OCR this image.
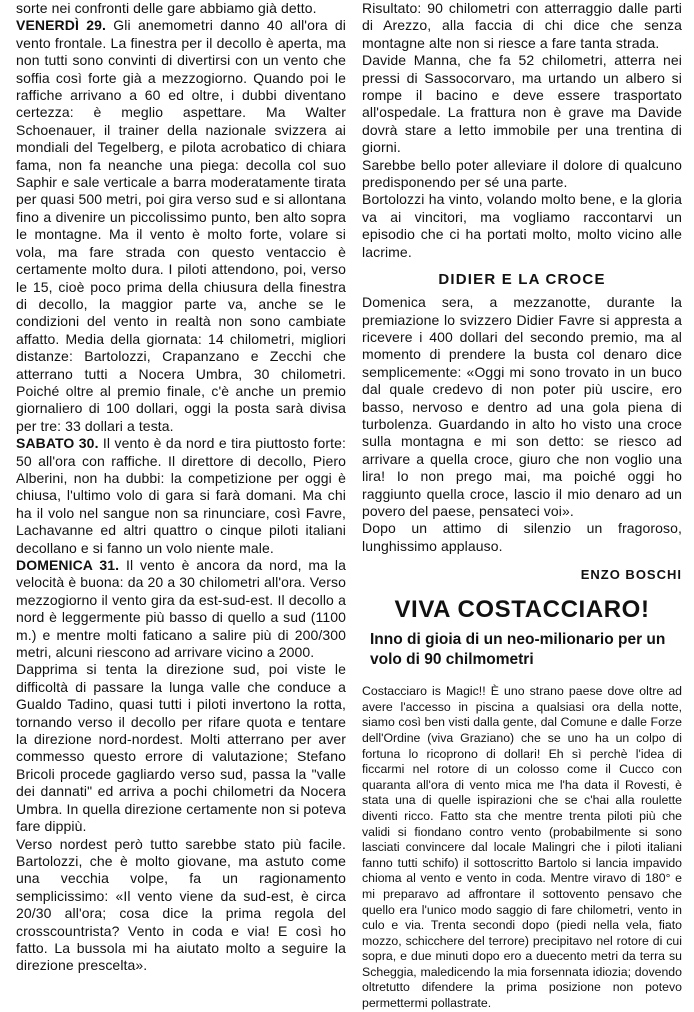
sorte nei confronti delle gare abbiamo già detto.

VENERDÌ 29. Gli anemometri danno 40 all'ora di vento frontale. La finestra per il decollo è aperta, ma non tutti sono convinti di divertirsi con un vento che soffia così forte già a mezzogiorno. Quando poi le raffiche arrivano a 60 ed oltre, i dubbi diventano certezza: è meglio aspettare. Ma Walter Schoenauer, il trainer della nazionale svizzera ai mondiali del Tegelberg, e pilota acrobatico di chiara fama, non fa neanche una piega: decolla col suo Saphir e sale verticale a barra moderatamente tirata per quasi 500 metri, poi gira verso sud e si allontana fino a divenire un piccolissimo punto, ben alto sopra le montagne. Ma il vento è molto forte, volare si vola, ma fare strada con questo ventaccio è certamente molto dura. I piloti attendono, poi, verso le 15, cioè poco prima della chiusura della finestra di decollo, la maggior parte va, anche se le condizioni del vento in realtà non sono cambiate affatto. Media della giornata: 14 chilometri, migliori distanze: Bartolozzi, Crapanzano e Zecchi che atterrano tutti a Nocera Umbra, 30 chilometri. Poiché oltre al premio finale, c'è anche un premio giornaliero di 100 dollari, oggi la posta sarà divisa per tre: 33 dollari a testa.

SABATO 30. Il vento è da nord e tira piuttosto forte: 50 all'ora con raffiche. Il direttore di decollo, Piero Alberini, non ha dubbi: la competizione per oggi è chiusa, l'ultimo volo di gara si farà domani. Ma chi ha il volo nel sangue non sa rinunciare, così Favre, Lachavanne ed altri quattro o cinque piloti italiani decollano e si fanno un volo niente male.

DOMENICA 31. Il vento è ancora da nord, ma la velocità è buona: da 20 a 30 chilometri all'ora. Verso mezzogiorno il vento gira da est-sud-est. Il decollo a nord è leggermente più basso di quello a sud (1100 m.) e mentre molti faticano a salire più di 200/300 metri, alcuni riescono ad arrivare vicino a 2000.

Dapprima si tenta la direzione sud, poi viste le difficoltà di passare la lunga valle che conduce a Gualdo Tadino, quasi tutti i piloti invertono la rotta, tornando verso il decollo per rifare quota e tentare la direzione nord-nordest. Molti atterrano per aver commesso questo errore di valutazione; Stefano Bricoli procede gagliardo verso sud, passa la "valle dei dannati" ed arriva a pochi chilometri da Nocera Umbra. In quella direzione certamente non si poteva fare dippiù.

Verso nordest però tutto sarebbe stato più facile. Bartolozzi, che è molto giovane, ma astuto come una vecchia volpe, fa un ragionamento semplicissimo: «Il vento viene da sud-est, è circa 20/30 all'ora; cosa dice la prima regola del crosscountrista? Vento in coda e via! E così ho fatto. La bussola mi ha aiutato molto a seguire la direzione prescelta».

Risultato: 90 chilometri con atterraggio dalle parti di Arezzo, alla faccia di chi dice che senza montagne alte non si riesce a fare tanta strada.

Davide Manna, che fa 52 chilometri, atterra nei pressi di Sassocorvaro, ma urtando un albero si rompe il bacino e deve essere trasportato all'ospedale. La frattura non è grave ma Davide dovrà stare a letto immobile per una trentina di giorni.

Sarebbe bello poter alleviare il dolore di qualcuno predisponendo per sé una parte.

Bortolozzi ha vinto, volando molto bene, e la gloria va ai vincitori, ma vogliamo raccontarvi un episodio che ci ha portati molto, molto vicino alle lacrime.

DIDIER E LA CROCE

Domenica sera, a mezzanotte, durante la premiazione lo svizzero Didier Favre si appresta a ricevere i 400 dollari del secondo premio, ma al momento di prendere la busta col denaro dice semplicemente: «Oggi mi sono trovato in un buco dal quale credevo di non poter più uscire, ero basso, nervoso e dentro ad una gola piena di turbolenza. Guardando in alto ho visto una croce sulla montagna e mi son detto: se riesco ad arrivare a quella croce, giuro che non voglio una lira! Io non prego mai, ma poiché oggi ho raggiunto quella croce, lascio il mio denaro ad un povero del paese, pensateci voi».

Dopo un attimo di silenzio un fragoroso, lunghissimo applauso.

ENZO BOSCHI

VIVA COSTACCIARO!
Inno di gioia di un neo-milionario per un volo di 90 chilmometri

Costacciaro is Magic!! È uno strano paese dove oltre ad avere l'accesso in piscina a qualsiasi ora della notte, siamo così ben visti dalla gente, dal Comune e dalle Forze dell'Ordine (viva Graziano) che se uno ha un colpo di fortuna lo ricoprono di dollari! Eh sì perchè l'idea di ficcarmi nel rotore di un colosso come il Cucco con quaranta all'ora di vento mica me l'ha data il Rovesti, è stata una di quelle ispirazioni che se c'hai alla roulette diventi ricco. Fatto sta che mentre trenta piloti più che validi si fiondano contro vento (probabilmente si sono lasciati convincere dal locale Malingri che i piloti italiani fanno tutti schifo) il sottoscritto Bartolo si lancia impavido chioma al vento e vento in coda. Mentre viravo di 180° e mi preparavo ad affrontare il sottovento pensavo che quello era l'unico modo saggio di fare chilometri, vento in culo e via. Trenta secondi dopo (piedi nella vela, fiato mozzo, schicchere del terrore) precipitavo nel rotore di cui sopra, e due minuti dopo ero a duecento metri da terra su Scheggia, maledicendo la mia forsennata idiozia; dovendo oltretutto difendere la prima posizione non potevo permettermi pollastrate.
